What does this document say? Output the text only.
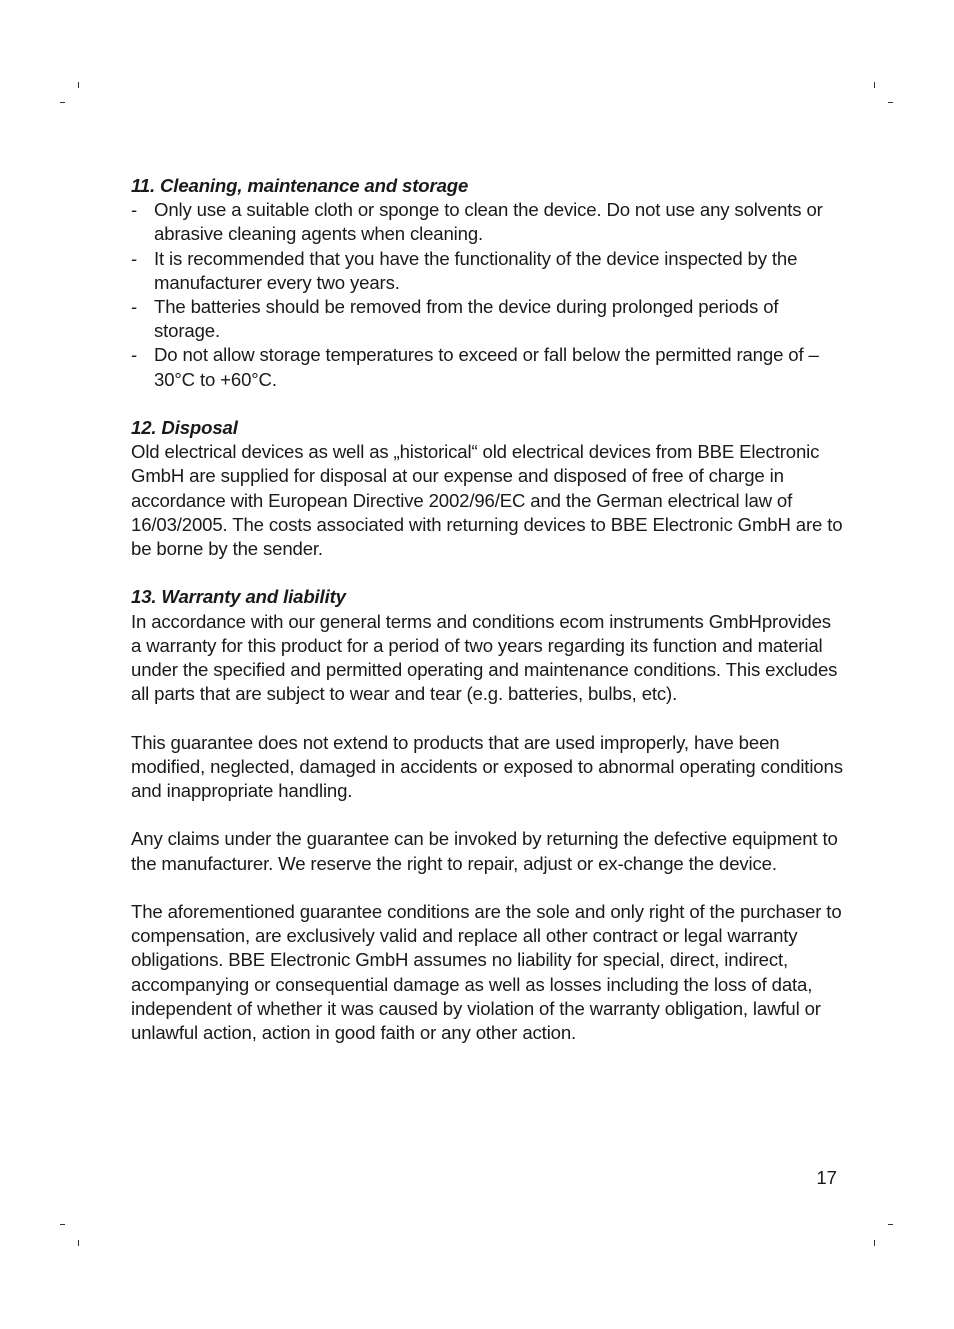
11. Cleaning, maintenance and storage
- Only use a suitable cloth or sponge to clean the device. Do not use any solvents or abrasive cleaning agents when cleaning.
- It is recommended that you have the functionality of the device inspected by the manufacturer every two years.
- The batteries should be removed from the device during prolonged periods of storage.
- Do not allow storage temperatures to exceed or fall below the permitted range of –30°C to +60°C.
12. Disposal

Old electrical devices as well as „historical“ old electrical devices from BBE Electronic GmbH are supplied for disposal at our expense and disposed of free of charge in accordance with European Directive 2002/96/EC and the German electrical law of 16/03/2005. The costs associated with returning devices to BBE Electronic GmbH are to be borne by the sender.

13. Warranty and liability

In accordance with our general terms and conditions ecom instruments GmbHprovides a warranty for this product for a period of two years regarding its function and material under the specified and permitted operating and maintenance conditions. This excludes all parts that are subject to wear and tear (e.g. batteries, bulbs, etc).

This guarantee does not extend to products that are used improperly, have been modified, neglected, damaged in accidents or exposed to abnormal operating conditions and inappropriate handling.

Any claims under the guarantee can be invoked by returning the defective equipment to the manufacturer. We reserve the right to repair, adjust or ex-change the device.

The aforementioned guarantee conditions are the sole and only right of the purchaser to compensation, are exclusively valid and replace all other contract or legal warranty obligations. BBE Electronic GmbH assumes no liability for special, direct, indirect, accompanying or consequential damage as well as losses including the loss of data, independent of whether it was caused by violation of the warranty obligation, lawful or unlawful action, action in good faith or any other action.

17
